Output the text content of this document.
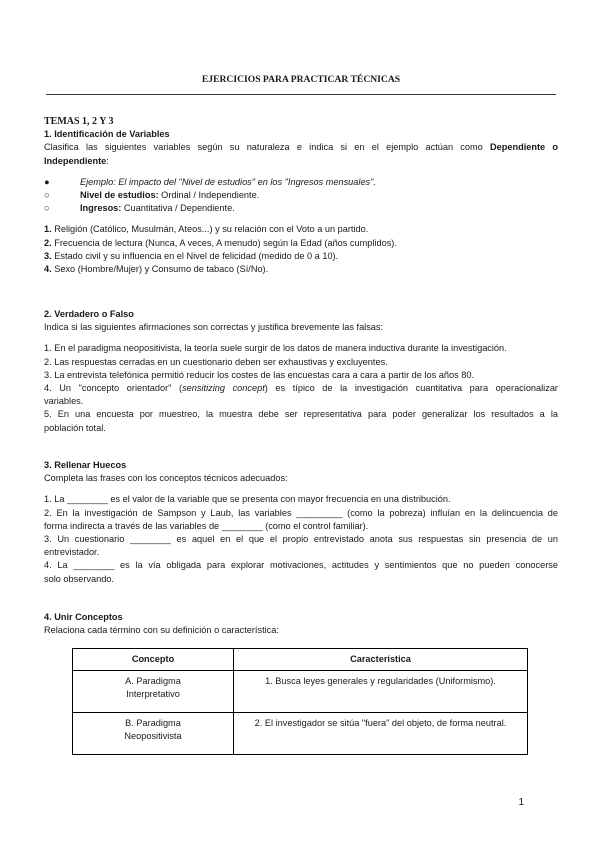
EJERCICIOS PARA PRACTICAR TÉCNICAS
TEMAS 1, 2 Y 3
1. Identificación de Variables
Clasifica las siguientes variables según su naturaleza e indica si en el ejemplo actúan como Dependiente o
Independiente:
●	Ejemplo: El impacto del "Nivel de estudios" en los "Ingresos mensuales".
○	Nivel de estudios: Ordinal / Independiente.
○	Ingresos: Cuantitativa / Dependiente.
1. Religión (Católico, Musulmán, Ateos...) y su relación con el Voto a un partido.
2. Frecuencia de lectura (Nunca, A veces, A menudo) según la Edad (años cumplidos).
3. Estado civil y su influencia en el Nivel de felicidad (medido de 0 a 10).
4. Sexo (Hombre/Mujer) y Consumo de tabaco (Sí/No).
2. Verdadero o Falso
Indica si las siguientes afirmaciones son correctas y justifica brevemente las falsas:
1. En el paradigma neopositivista, la teoría suele surgir de los datos de manera inductiva durante la investigación.
2. Las respuestas cerradas en un cuestionario deben ser exhaustivas y excluyentes.
3. La entrevista telefónica permitió reducir los costes de las encuestas cara a cara a partir de los años 80.
4. Un "concepto orientador" (sensitizing concept) es típico de la investigación cuantitativa para operacionalizar
variables.
5. En una encuesta por muestreo, la muestra debe ser representativa para poder generalizar los resultados a la
población total.
3. Rellenar Huecos
Completa las frases con los conceptos técnicos adecuados:
1. La ________ es el valor de la variable que se presenta con mayor frecuencia en una distribución.
2. En la investigación de Sampson y Laub, las variables _________ (como la pobreza) influían en la delincuencia de
forma indirecta a través de las variables de ________ (como el control familiar).
3. Un cuestionario ________ es aquel en el que el propio entrevistado anota sus respuestas sin presencia de un
entrevistador.
4. La ________ es la vía obligada para explorar motivaciones, actitudes y sentimientos que no pueden conocerse
solo observando.
4. Unir Conceptos
Relaciona cada término con su definición o característica:
Concepto	Característica
A. Paradigma
Interpretativo	1. Busca leyes generales y regularidades (Uniformismo).
B. Paradigma
Neopositivista	2. El investigador se sitúa "fuera" del objeto, de forma neutral.
1
